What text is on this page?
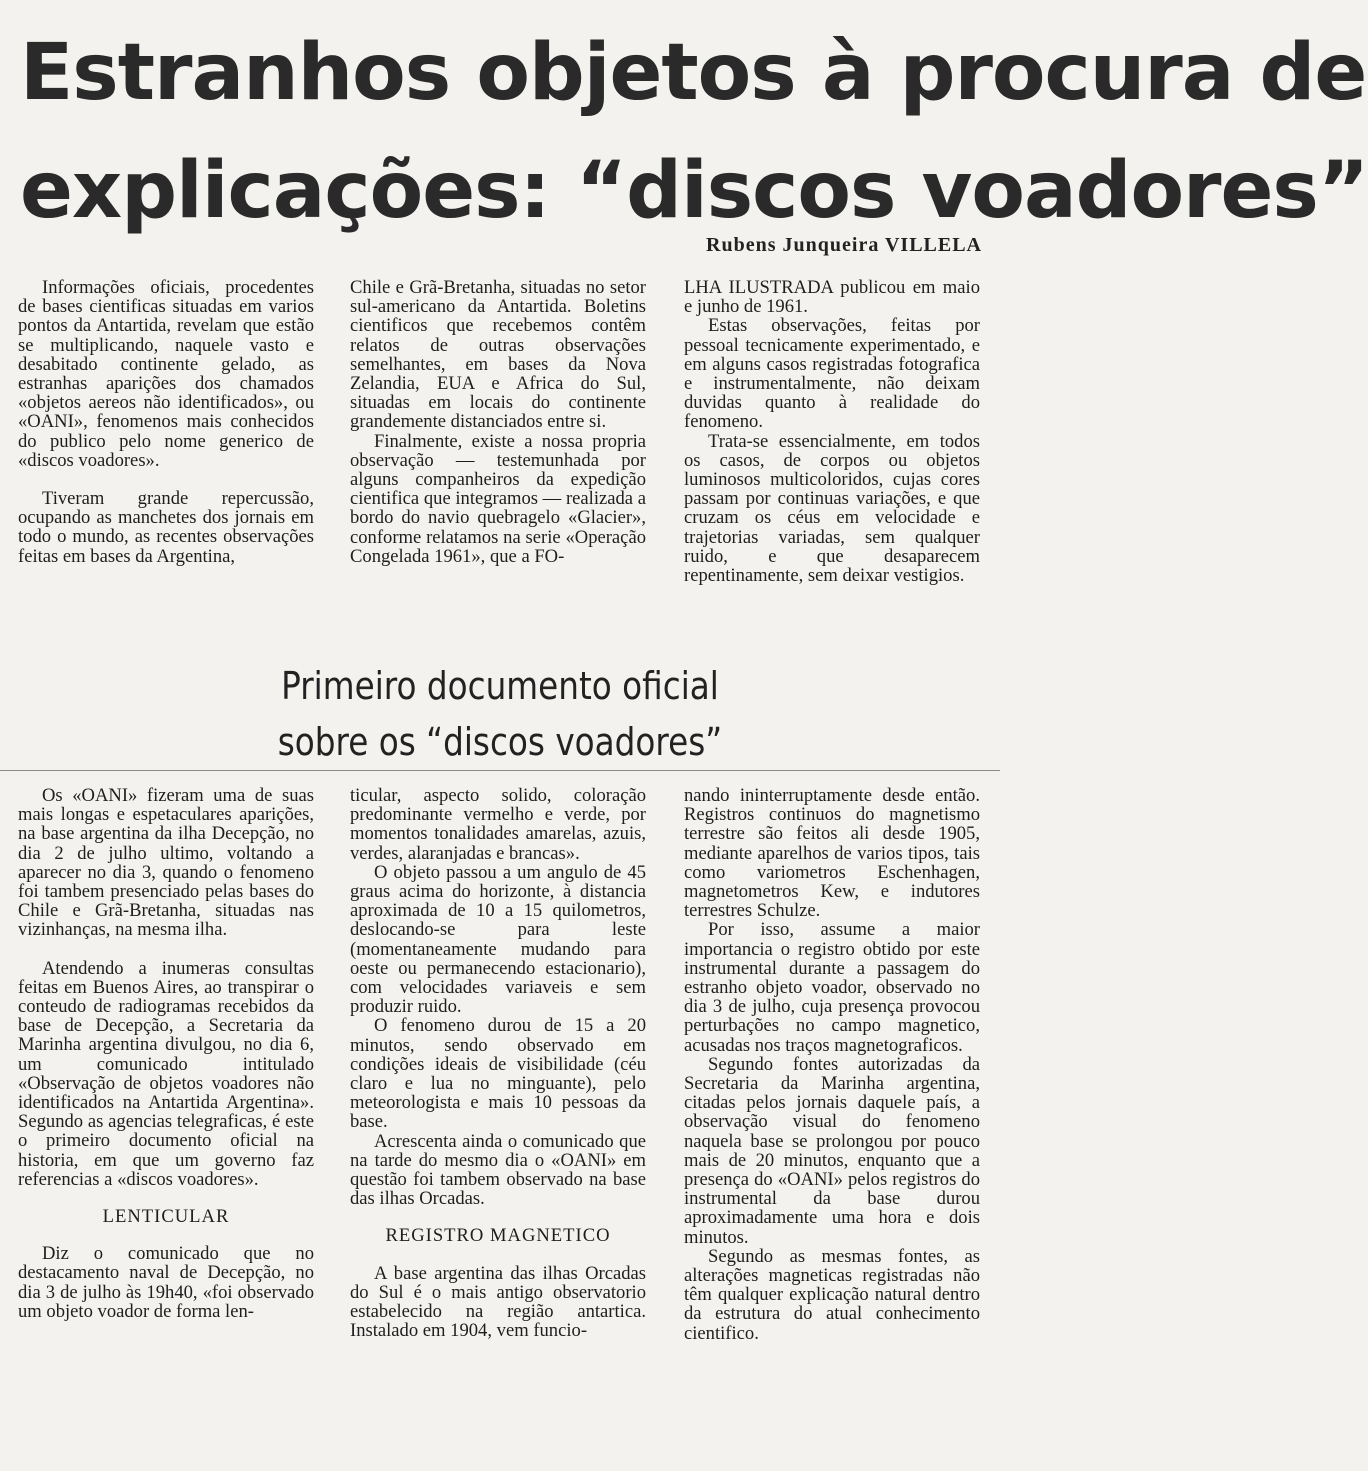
Estranhos objetos à procura de
explicações: “discos voadores”
Rubens Junqueira VILLELA

Informações oficiais, procedentes de bases cientificas situadas em varios pontos da Antartida, revelam que estão se multiplicando, naquele vasto e desabitado continente gelado, as estranhas aparições dos chamados «objetos aereos não identificados», ou «OANI», fenomenos mais conhecidos do publico pelo nome generico de «discos voadores».

Tiveram grande repercussão, ocupando as manchetes dos jornais em todo o mundo, as recentes observações feitas em bases da Argentina,

Chile e Grã-Bretanha, situadas no setor sul-americano da Antartida. Boletins cientificos que recebemos contêm relatos de outras observações semelhantes, em bases da Nova Zelandia, EUA e Africa do Sul, situadas em locais do continente grandemente distanciados entre si.

Finalmente, existe a nossa propria observação — testemunhada por alguns companheiros da expedição cientifica que integramos — realizada a bordo do navio quebragelo «Glacier», conforme relatamos na serie «Operação Congelada 1961», que a FO-

LHA ILUSTRADA publicou em maio e junho de 1961.

Estas observações, feitas por pessoal tecnicamente experimentado, e em alguns casos registradas fotografica e instrumentalmente, não deixam duvidas quanto à realidade do fenomeno.

Trata-se essencialmente, em todos os casos, de corpos ou objetos luminosos multicoloridos, cujas cores passam por continuas variações, e que cruzam os céus em velocidade e trajetorias variadas, sem qualquer ruido, e que desaparecem repentinamente, sem deixar vestigios.

Primeiro documento oficial
sobre os “discos voadores”

Os «OANI» fizeram uma de suas mais longas e espetaculares aparições, na base argentina da ilha Decepção, no dia 2 de julho ultimo, voltando a aparecer no dia 3, quando o fenomeno foi tambem presenciado pelas bases do Chile e Grã-Bretanha, situadas nas vizinhanças, na mesma ilha.

Atendendo a inumeras consultas feitas em Buenos Aires, ao transpirar o conteudo de radiogramas recebidos da base de Decepção, a Secretaria da Marinha argentina divulgou, no dia 6, um comunicado intitulado «Observação de objetos voadores não identificados na Antartida Argentina». Segundo as agencias telegraficas, é este o primeiro documento oficial na historia, em que um governo faz referencias a «discos voadores».

LENTICULAR

Diz o comunicado que no destacamento naval de Decepção, no dia 3 de julho às 19h40, «foi observado um objeto voador de forma len-

ticular, aspecto solido, coloração predominante vermelho e verde, por momentos tonalidades amarelas, azuis, verdes, alaranjadas e brancas».

O objeto passou a um angulo de 45 graus acima do horizonte, à distancia aproximada de 10 a 15 quilometros, deslocando-se para leste (momentaneamente mudando para oeste ou permanecendo estacionario), com velocidades variaveis e sem produzir ruido.

O fenomeno durou de 15 a 20 minutos, sendo observado em condições ideais de visibilidade (céu claro e lua no minguante), pelo meteorologista e mais 10 pessoas da base.

Acrescenta ainda o comunicado que na tarde do mesmo dia o «OANI» em questão foi tambem observado na base das ilhas Orcadas.

REGISTRO MAGNETICO

A base argentina das ilhas Orcadas do Sul é o mais antigo observatorio estabelecido na região antartica. Instalado em 1904, vem funcio-

nando ininterruptamente desde então. Registros continuos do magnetismo terrestre são feitos ali desde 1905, mediante aparelhos de varios tipos, tais como variometros Eschenhagen, magnetometros Kew, e indutores terrestres Schulze.

Por isso, assume a maior importancia o registro obtido por este instrumental durante a passagem do estranho objeto voador, observado no dia 3 de julho, cuja presença provocou perturbações no campo magnetico, acusadas nos traços magnetograficos.

Segundo fontes autorizadas da Secretaria da Marinha argentina, citadas pelos jornais daquele país, a observação visual do fenomeno naquela base se prolongou por pouco mais de 20 minutos, enquanto que a presença do «OANI» pelos registros do instrumental da base durou aproximadamente uma hora e dois minutos.

Segundo as mesmas fontes, as alterações magneticas registradas não têm qualquer explicação natural dentro da estrutura do atual conhecimento cientifico.
